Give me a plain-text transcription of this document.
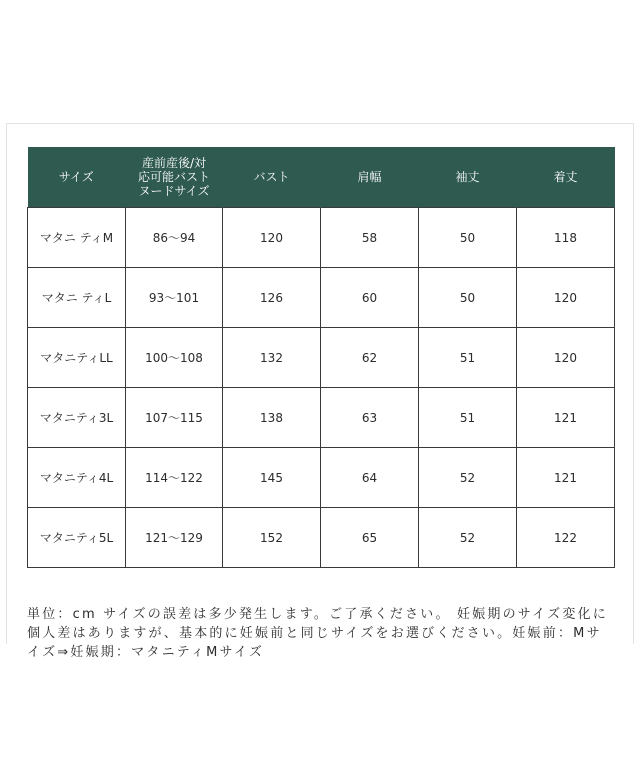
サイズ	産前産後/対
応可能バスト
ヌードサイズ	バスト	肩幅	袖丈	着丈
マタニ ティM	86〜94	120	58	50	118
マタニ ティL	93〜101	126	60	50	120
マタニティLL	100〜108	132	62	51	120
マタニティ3L	107〜115	138	63	51	121
マタニティ4L	114〜122	145	64	52	121
マタニティ5L	121〜129	152	65	52	122

単位：cm サイズの誤差は多少発生します。ご了承ください。 妊娠期のサイズ変化に個人差はありますが、基本的に妊娠前と同じサイズをお選びください。妊娠前：Mサイズ⇒妊娠期：マタニティMサイズ
